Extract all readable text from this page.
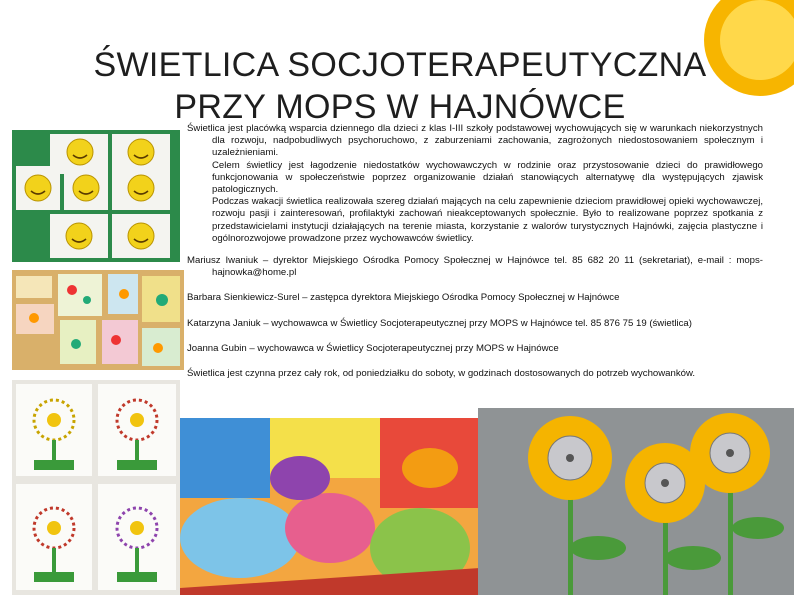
ŚWIETLICA SOCJOTERAPEUTYCZNA
PRZY MOPS W HAJNÓWCE

Świetlica jest placówką wsparcia dziennego dla dzieci z klas I-III szkoły podstawowej wychowujących się w warunkach niekorzystnych dla rozwoju, nadpobudliwych psychoruchowo, z zaburzeniami zachowania, zagrożonych niedostosowaniem społecznym i uzależnieniami.

Celem świetlicy jest łagodzenie niedostatków wychowawczych w rodzinie oraz przystosowanie dzieci do prawidłowego funkcjonowania w społeczeństwie poprzez organizowanie działań stanowiących alternatywę dla występujących zjawisk patologicznych.

Podczas wakacji świetlica realizowała szereg działań mających na celu zapewnienie dzieciom prawidłowej opieki wychowawczej, rozwoju pasji i zainteresowań, profilaktyki zachowań nieakceptowanych społecznie. Było to realizowane poprzez spotkania z przedstawicielami instytucji działających na terenie miasta, korzystanie z walorów turystycznych Hajnówki, zajęcia plastyczne i ogólnorozwojowe prowadzone przez wychowawców świetlicy.

Mariusz Iwaniuk – dyrektor Miejskiego Ośrodka Pomocy Społecznej w Hajnówce tel. 85 682 20 11 (sekretariat), e-mail : mops-hajnowka@home.pl
Barbara Sienkiewicz-Surel – zastępca dyrektora Miejskiego Ośrodka Pomocy Społecznej w Hajnówce
Katarzyna Janiuk – wychowawca w Świetlicy Socjoterapeutycznej przy MOPS w Hajnówce tel. 85 876 75 19 (świetlica)
Joanna Gubin – wychowawca w Świetlicy Socjoterapeutycznej przy MOPS w Hajnówce
Świetlica jest czynna przez cały rok, od poniedziałku do soboty, w godzinach dostosowanych do potrzeb wychowanków.
